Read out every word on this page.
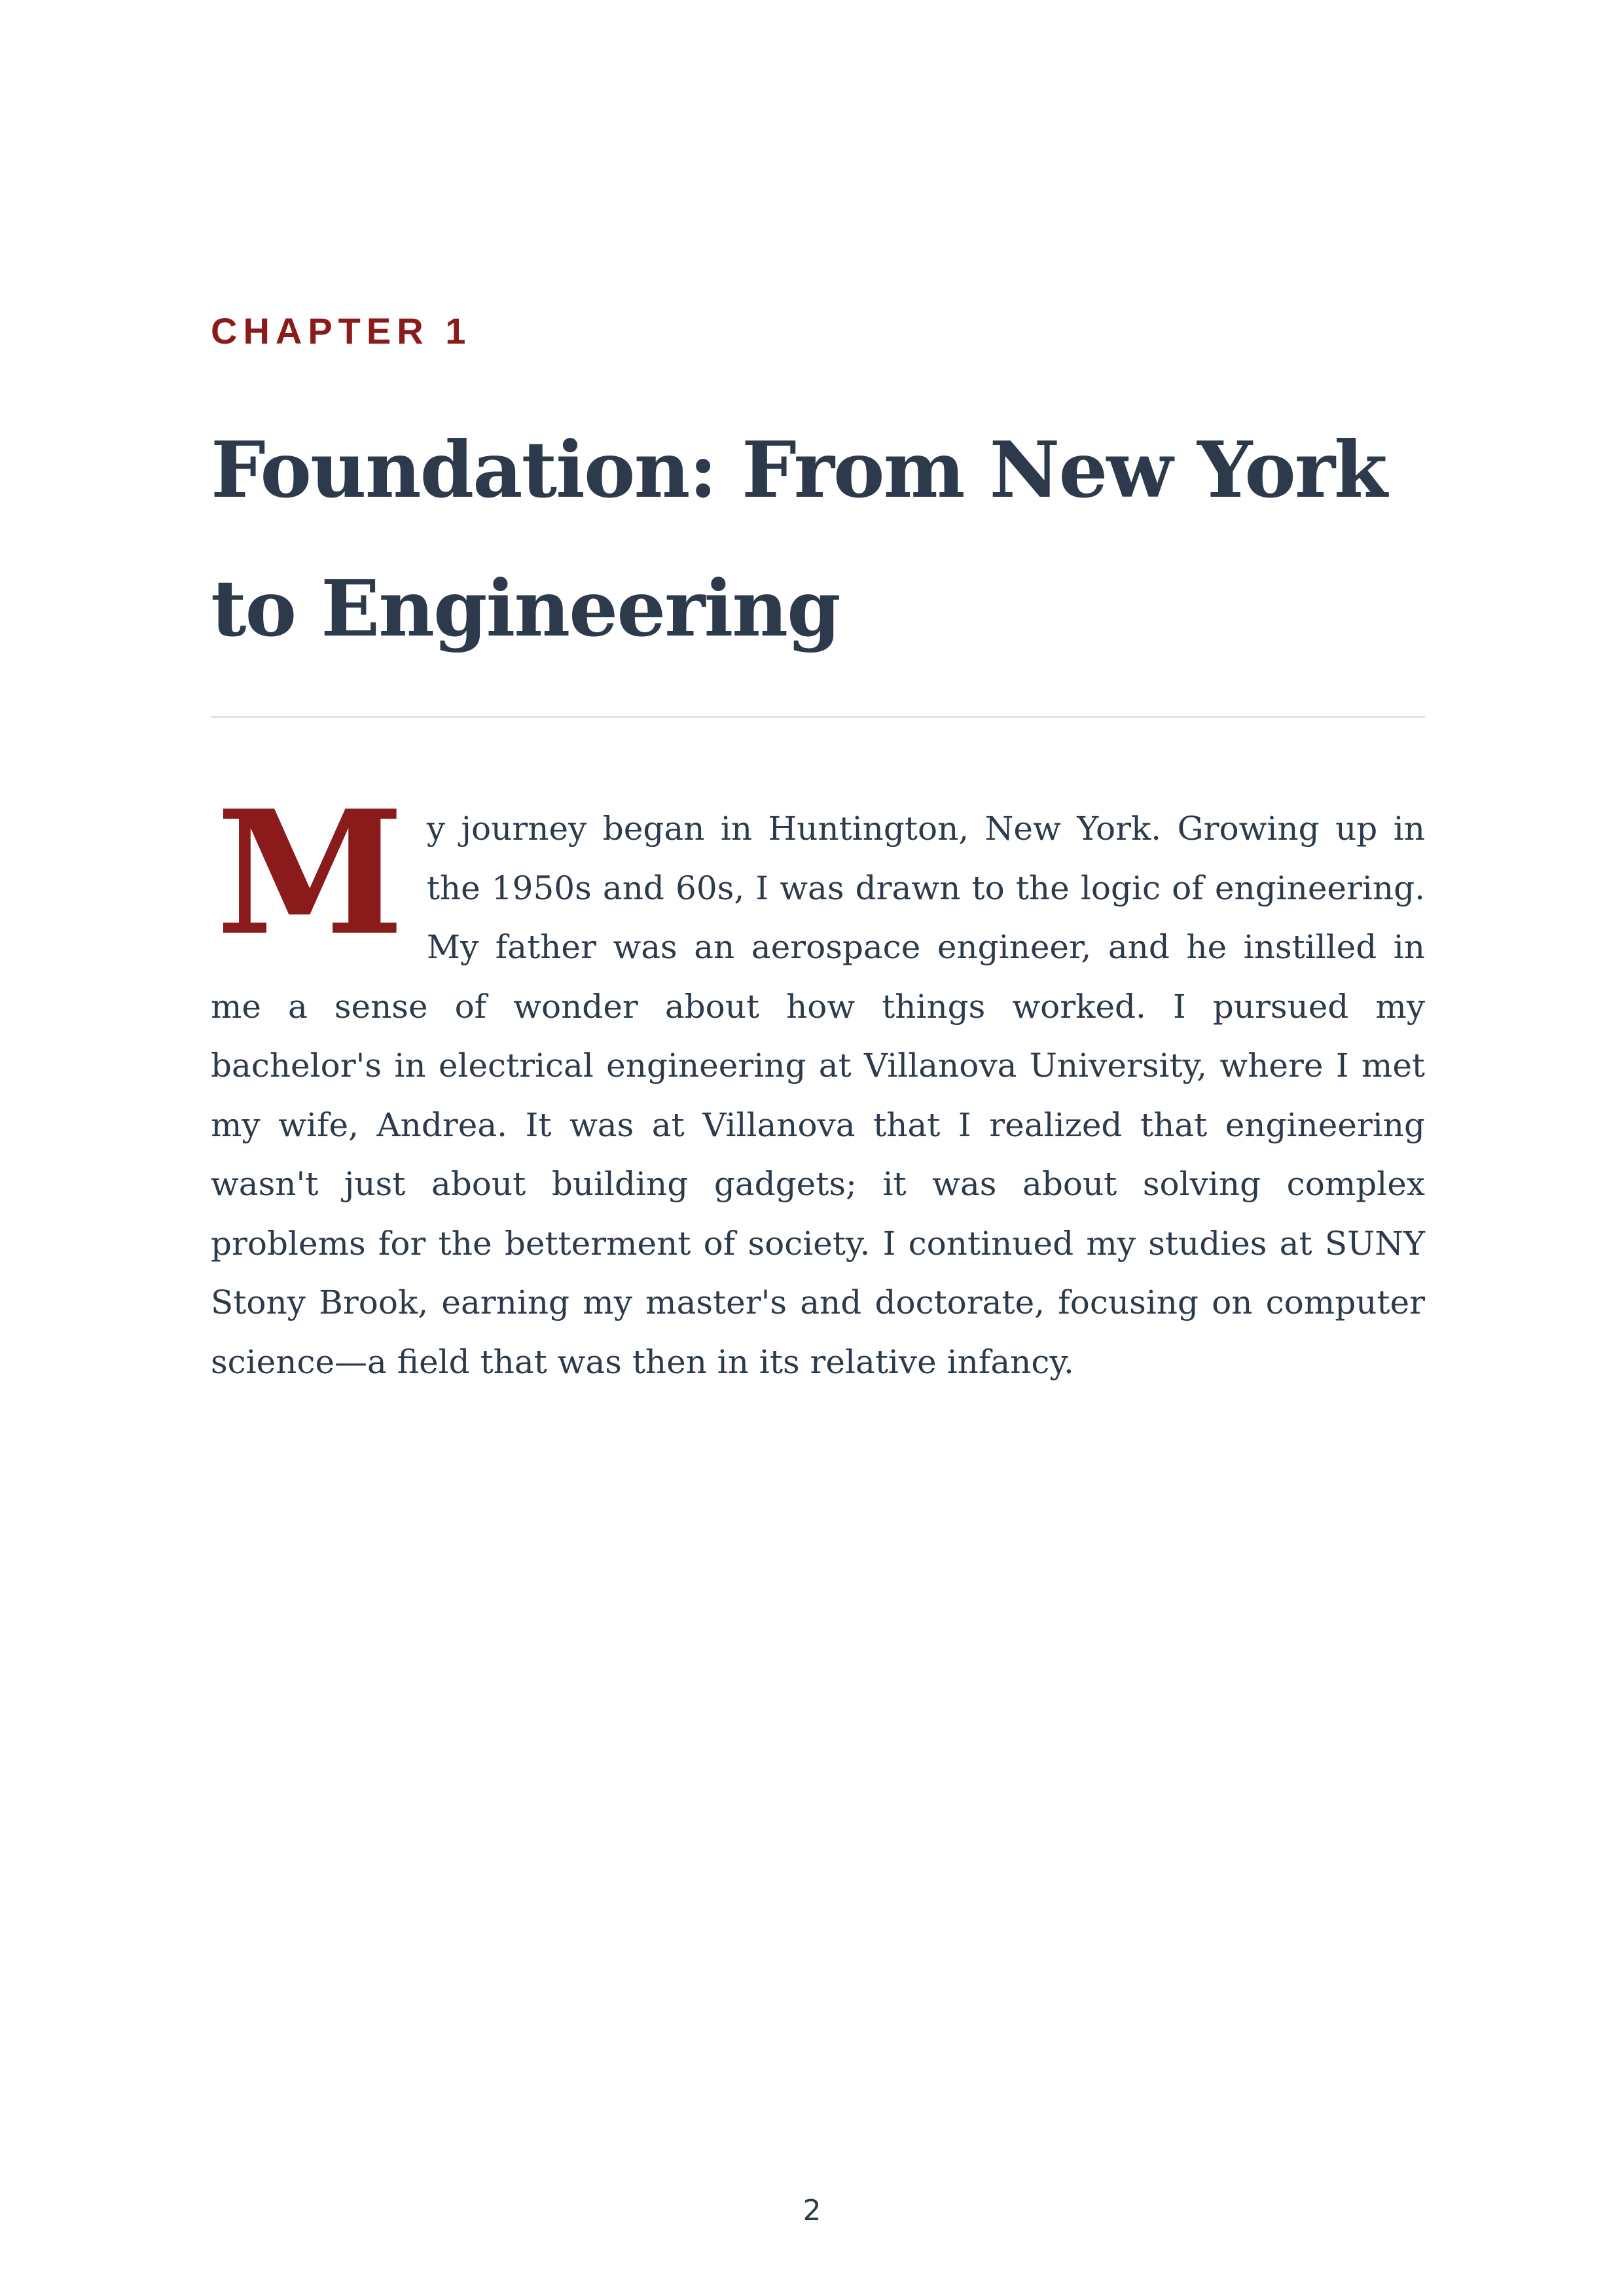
CHAPTER 1
Foundation: From New York to Engineering

M y journey began in Huntington, New York. Growing up in the 1950s and 60s, I was drawn to the logic of engineering. My father was an aerospace engineer, and he instilled in me a sense of wonder about how things worked. I pursued my bachelor's in electrical engineering at Villanova University, where I met my wife, Andrea. It was at Villanova that I realized that engineering wasn't just about building gadgets; it was about solving complex problems for the betterment of society. I continued my studies at SUNY Stony Brook, earning my master's and doctorate, focusing on computer science—a field that was then in its relative infancy.

2
